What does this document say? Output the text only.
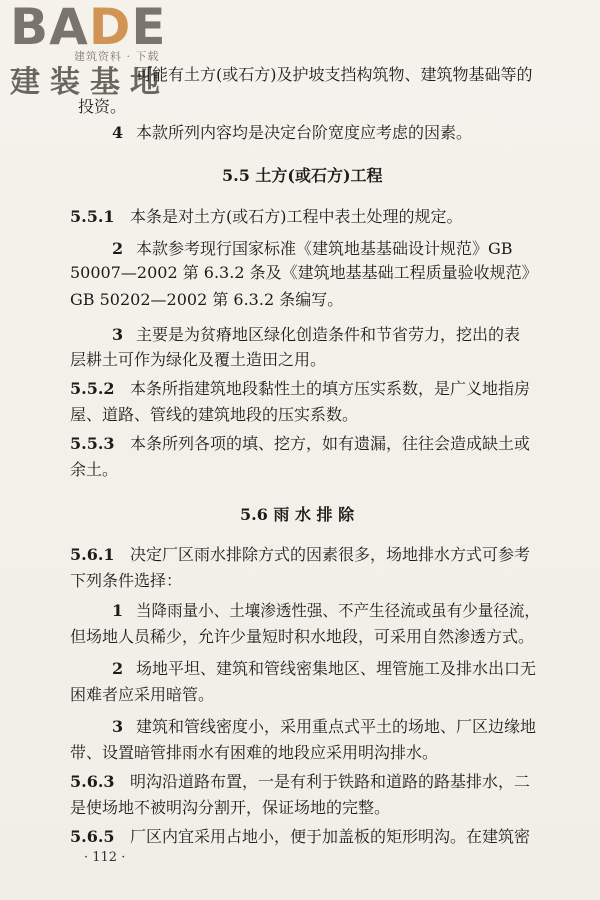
BADE
建筑资料 · 下载
建装基地
可能有土方(或石方)及护坡支挡构筑物、建筑物基础等的
投资。
4 本款所列内容均是决定台阶宽度应考虑的因素。
5.5 土方(或石方)工程
5.5.1 本条是对土方(或石方)工程中表土处理的规定。
2 本款参考现行国家标准《建筑地基基础设计规范》GB
50007—2002 第 6.3.2 条及《建筑地基基础工程质量验收规范》
GB 50202—2002 第 6.3.2 条编写。
3 主要是为贫瘠地区绿化创造条件和节省劳力，挖出的表
层耕土可作为绿化及覆土造田之用。
5.5.2 本条所指建筑地段黏性土的填方压实系数，是广义地指房
屋、道路、管线的建筑地段的压实系数。
5.5.3 本条所列各项的填、挖方，如有遗漏，往往会造成缺土或
余土。
5.6 雨 水 排 除
5.6.1 决定厂区雨水排除方式的因素很多，场地排水方式可参考
下列条件选择：
1 当降雨量小、土壤渗透性强、不产生径流或虽有少量径流，
但场地人员稀少，允许少量短时积水地段，可采用自然渗透方式。
2 场地平坦、建筑和管线密集地区、埋管施工及排水出口无
困难者应采用暗管。
3 建筑和管线密度小，采用重点式平土的场地、厂区边缘地
带、设置暗管排雨水有困难的地段应采用明沟排水。
5.6.3 明沟沿道路布置，一是有利于铁路和道路的路基排水，二
是使场地不被明沟分割开，保证场地的完整。
5.6.5 厂区内宜采用占地小，便于加盖板的矩形明沟。在建筑密
· 112 ·
